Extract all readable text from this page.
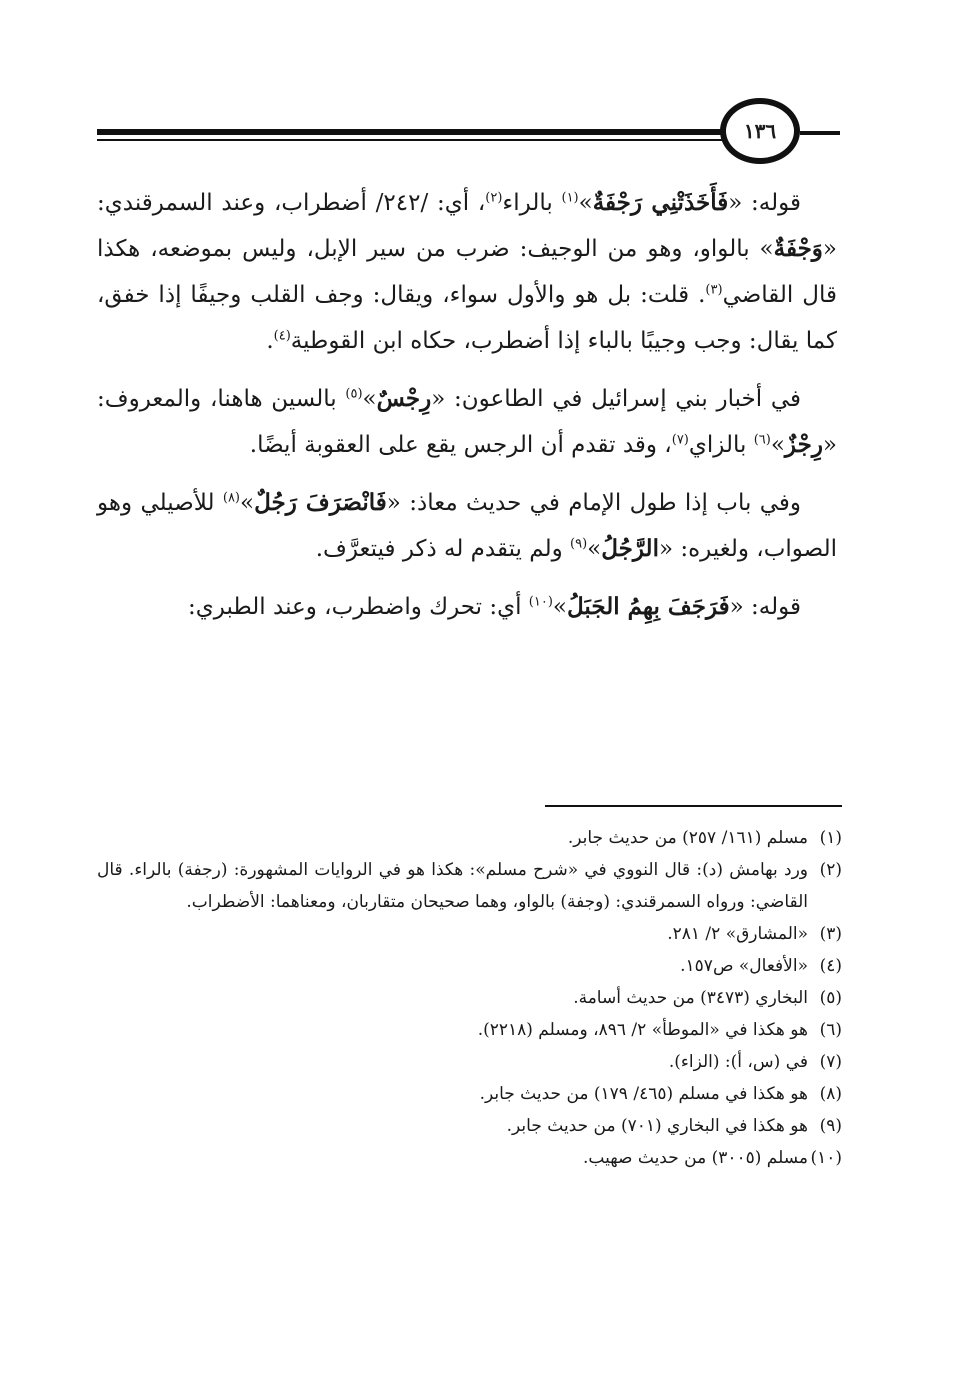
١٣٦

قوله: «فَأَخَذَتْنِي رَجْفَةٌ»$^{(١)}$ بالراء$^{(٢)}$، أي: /٢٤٢/ أضطراب، وعند السمرقندي: «وَجْفَةٌ» بالواو، وهو من الوجيف: ضرب من سير الإبل، وليس بموضعه، هكذا قال القاضي$^{(٣)}$. قلت: بل هو والأول سواء، ويقال: وجف القلب وجيفًا إذا خفق، كما يقال: وجب وجيبًا بالباء إذا أضطرب، حكاه ابن القوطية$^{(٤)}$.

في أخبار بني إسرائيل في الطاعون: «رِجْسٌ»$^{(٥)}$ بالسين هاهنا، والمعروف: «رِجْزٌ»$^{(٦)}$ بالزاي$^{(٧)}$، وقد تقدم أن الرجس يقع على العقوبة أيضًا.

وفي باب إذا طول الإمام في حديث معاذ: «فَانْصَرَفَ رَجُلٌ»$^{(٨)}$ للأصيلي وهو الصواب، ولغيره: «الرَّجُلُ»$^{(٩)}$ ولم يتقدم له ذكر فيتعرَّف.

قوله: «فَرَجَفَ بِهِمُ الجَبَلُ»$^{(١٠)}$ أي: تحرك واضطرب، وعند الطبري:

(١)
مسلم (١٦١/ ٢٥٧) من حديث جابر.
(٢)
ورد بهامش (د): قال النووي في «شرح مسلم»: هكذا هو في الروايات المشهورة: (رجفة) بالراء. قال القاضي: ورواه السمرقندي: (وجفة) بالواو، وهما صحيحان متقاربان، ومعناهما: الأضطراب.
(٣)
«المشارق» ٢/ ٢٨١.
(٤)
«الأفعال» ص١٥٧.
(٥)
البخاري (٣٤٧٣) من حديث أسامة.
(٦)
هو هكذا في «الموطأ» ٢/ ٨٩٦، ومسلم (٢٢١٨).
(٧)
في (س، أ): (الزاء).
(٨)
هو هكذا في مسلم (٤٦٥/ ١٧٩) من حديث جابر.
(٩)
هو هكذا في البخاري (٧٠١) من حديث جابر.
(١٠)
مسلم (٣٠٠٥) من حديث صهيب.
